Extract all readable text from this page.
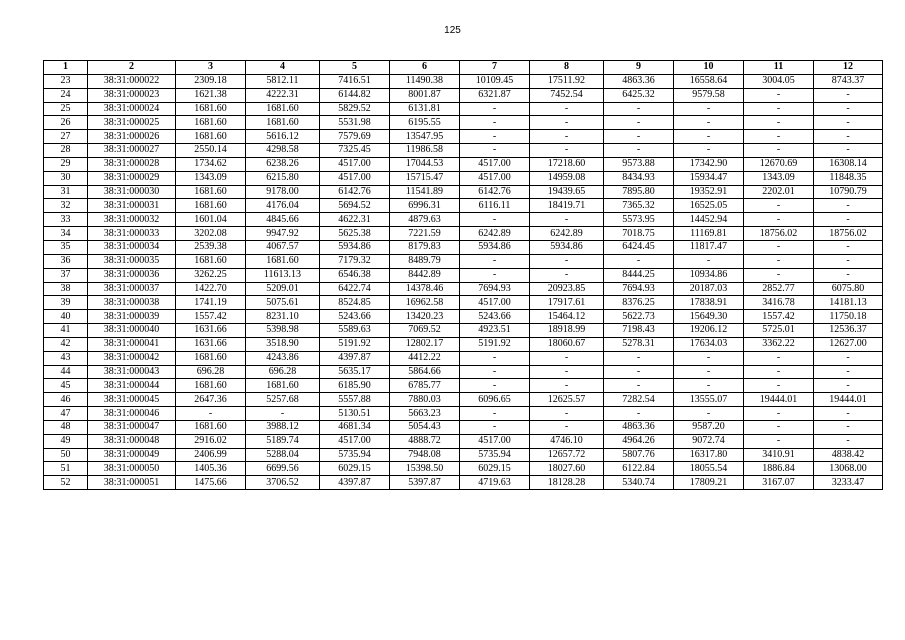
125
1	2	3	4	5	6	7	8	9	10	11	12
23	38:31:000022	2309.18	5812.11	7416.51	11490.38	10109.45	17511.92	4863.36	16558.64	3004.05	8743.37
24	38:31:000023	1621.38	4222.31	6144.82	8001.87	6321.87	7452.54	6425.32	9579.58	-	-
25	38:31:000024	1681.60	1681.60	5829.52	6131.81	-	-	-	-	-	-
26	38:31:000025	1681.60	1681.60	5531.98	6195.55	-	-	-	-	-	-
27	38:31:000026	1681.60	5616.12	7579.69	13547.95	-	-	-	-	-	-
28	38:31:000027	2550.14	4298.58	7325.45	11986.58	-	-	-	-	-	-
29	38:31:000028	1734.62	6238.26	4517.00	17044.53	4517.00	17218.60	9573.88	17342.90	12670.69	16308.14
30	38:31:000029	1343.09	6215.80	4517.00	15715.47	4517.00	14959.08	8434.93	15934.47	1343.09	11848.35
31	38:31:000030	1681.60	9178.00	6142.76	11541.89	6142.76	19439.65	7895.80	19352.91	2202.01	10790.79
32	38:31:000031	1681.60	4176.04	5694.52	6996.31	6116.11	18419.71	7365.32	16525.05	-	-
33	38:31:000032	1601.04	4845.66	4622.31	4879.63	-	-	5573.95	14452.94	-	-
34	38:31:000033	3202.08	9947.92	5625.38	7221.59	6242.89	6242.89	7018.75	11169.81	18756.02	18756.02
35	38:31:000034	2539.38	4067.57	5934.86	8179.83	5934.86	5934.86	6424.45	11817.47	-	-
36	38:31:000035	1681.60	1681.60	7179.32	8489.79	-	-	-	-	-	-
37	38:31:000036	3262.25	11613.13	6546.38	8442.89	-	-	8444.25	10934.86	-	-
38	38:31:000037	1422.70	5209.01	6422.74	14378.46	7694.93	20923.85	7694.93	20187.03	2852.77	6075.80
39	38:31:000038	1741.19	5075.61	8524.85	16962.58	4517.00	17917.61	8376.25	17838.91	3416.78	14181.13
40	38:31:000039	1557.42	8231.10	5243.66	13420.23	5243.66	15464.12	5622.73	15649.30	1557.42	11750.18
41	38:31:000040	1631.66	5398.98	5589.63	7069.52	4923.51	18918.99	7198.43	19206.12	5725.01	12536.37
42	38:31:000041	1631.66	3518.90	5191.92	12802.17	5191.92	18060.67	5278.31	17634.03	3362.22	12627.00
43	38:31:000042	1681.60	4243.86	4397.87	4412.22	-	-	-	-	-	-
44	38:31:000043	696.28	696.28	5635.17	5864.66	-	-	-	-	-	-
45	38:31:000044	1681.60	1681.60	6185.90	6785.77	-	-	-	-	-	-
46	38:31:000045	2647.36	5257.68	5557.88	7880.03	6096.65	12625.57	7282.54	13555.07	19444.01	19444.01
47	38:31:000046	-	-	5130.51	5663.23	-	-	-	-	-	-
48	38:31:000047	1681.60	3988.12	4681.34	5054.43	-	-	4863.36	9587.20	-	-
49	38:31:000048	2916.02	5189.74	4517.00	4888.72	4517.00	4746.10	4964.26	9072.74	-	-
50	38:31:000049	2406.99	5288.04	5735.94	7948.08	5735.94	12657.72	5807.76	16317.80	3410.91	4838.42
51	38:31:000050	1405.36	6699.56	6029.15	15398.50	6029.15	18027.60	6122.84	18055.54	1886.84	13068.00
52	38:31:000051	1475.66	3706.52	4397.87	5397.87	4719.63	18128.28	5340.74	17809.21	3167.07	3233.47
